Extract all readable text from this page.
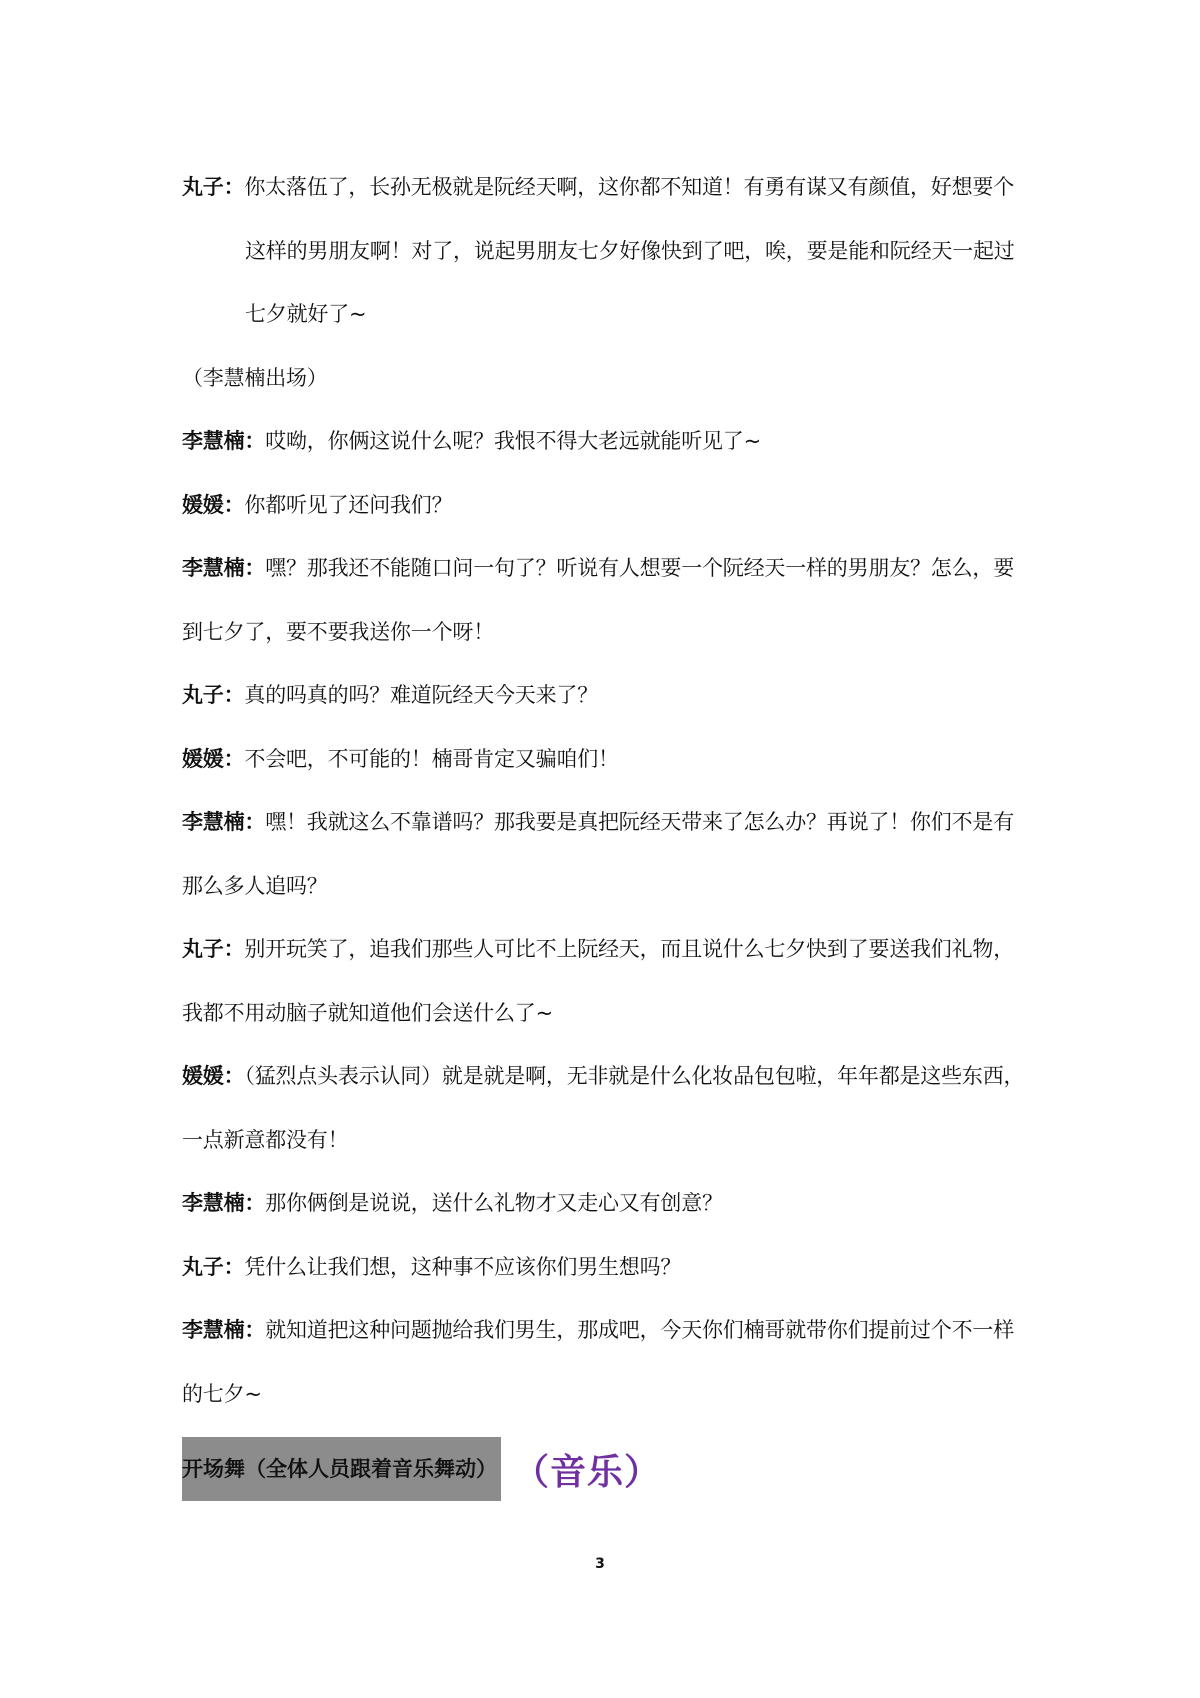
丸子：你太落伍了，长孙无极就是阮经天啊，这你都不知道！有勇有谋又有颜值，好想要个
这样的男朋友啊！对了，说起男朋友七夕好像快到了吧，唉，要是能和阮经天一起过
七夕就好了~
（李慧楠出场）
李慧楠：哎呦，你俩这说什么呢？我恨不得大老远就能听见了~
媛媛：你都听见了还问我们？
李慧楠：嘿？那我还不能随口问一句了？听说有人想要一个阮经天一样的男朋友？怎么，要
到七夕了，要不要我送你一个呀！
丸子：真的吗真的吗？难道阮经天今天来了？
媛媛：不会吧，不可能的！楠哥肯定又骗咱们！
李慧楠：嘿！我就这么不靠谱吗？那我要是真把阮经天带来了怎么办？再说了！你们不是有
那么多人追吗？
丸子：别开玩笑了，追我们那些人可比不上阮经天，而且说什么七夕快到了要送我们礼物，
我都不用动脑子就知道他们会送什么了~
媛媛：（猛烈点头表示认同）就是就是啊，无非就是什么化妆品包包啦，年年都是这些东西，
一点新意都没有！
李慧楠：那你俩倒是说说，送什么礼物才又走心又有创意？
丸子：凭什么让我们想，这种事不应该你们男生想吗？
李慧楠：就知道把这种问题抛给我们男生，那成吧，今天你们楠哥就带你们提前过个不一样
的七夕~
开场舞（全体人员跟着音乐舞动） （音乐）
3
